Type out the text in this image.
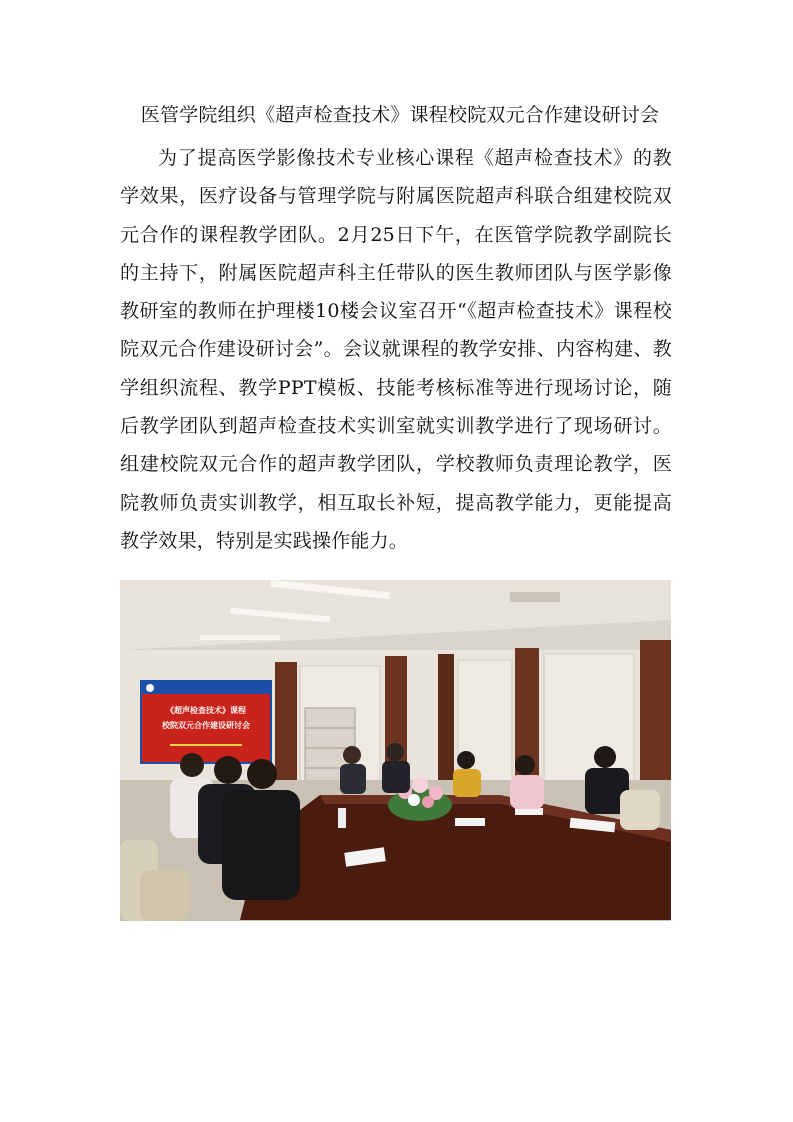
医管学院组织《超声检查技术》课程校院双元合作建设研讨会

为了提高医学影像技术专业核心课程《超声检查技术》的教学效果，医疗设备与管理学院与附属医院超声科联合组建校院双元合作的课程教学团队。2月25日下午，在医管学院教学副院长的主持下，附属医院超声科主任带队的医生教师团队与医学影像教研室的教师在护理楼10楼会议室召开“《超声检查技术》课程校院双元合作建设研讨会”。会议就课程的教学安排、内容构建、教学组织流程、教学PPT模板、技能考核标准等进行现场讨论，随后教学团队到超声检查技术实训室就实训教学进行了现场研讨。组建校院双元合作的超声教学团队，学校教师负责理论教学，医院教师负责实训教学，相互取长补短，提高教学能力，更能提高教学效果，特别是实践操作能力。

《超声检查技术》课程
校院双元合作建设研讨会
